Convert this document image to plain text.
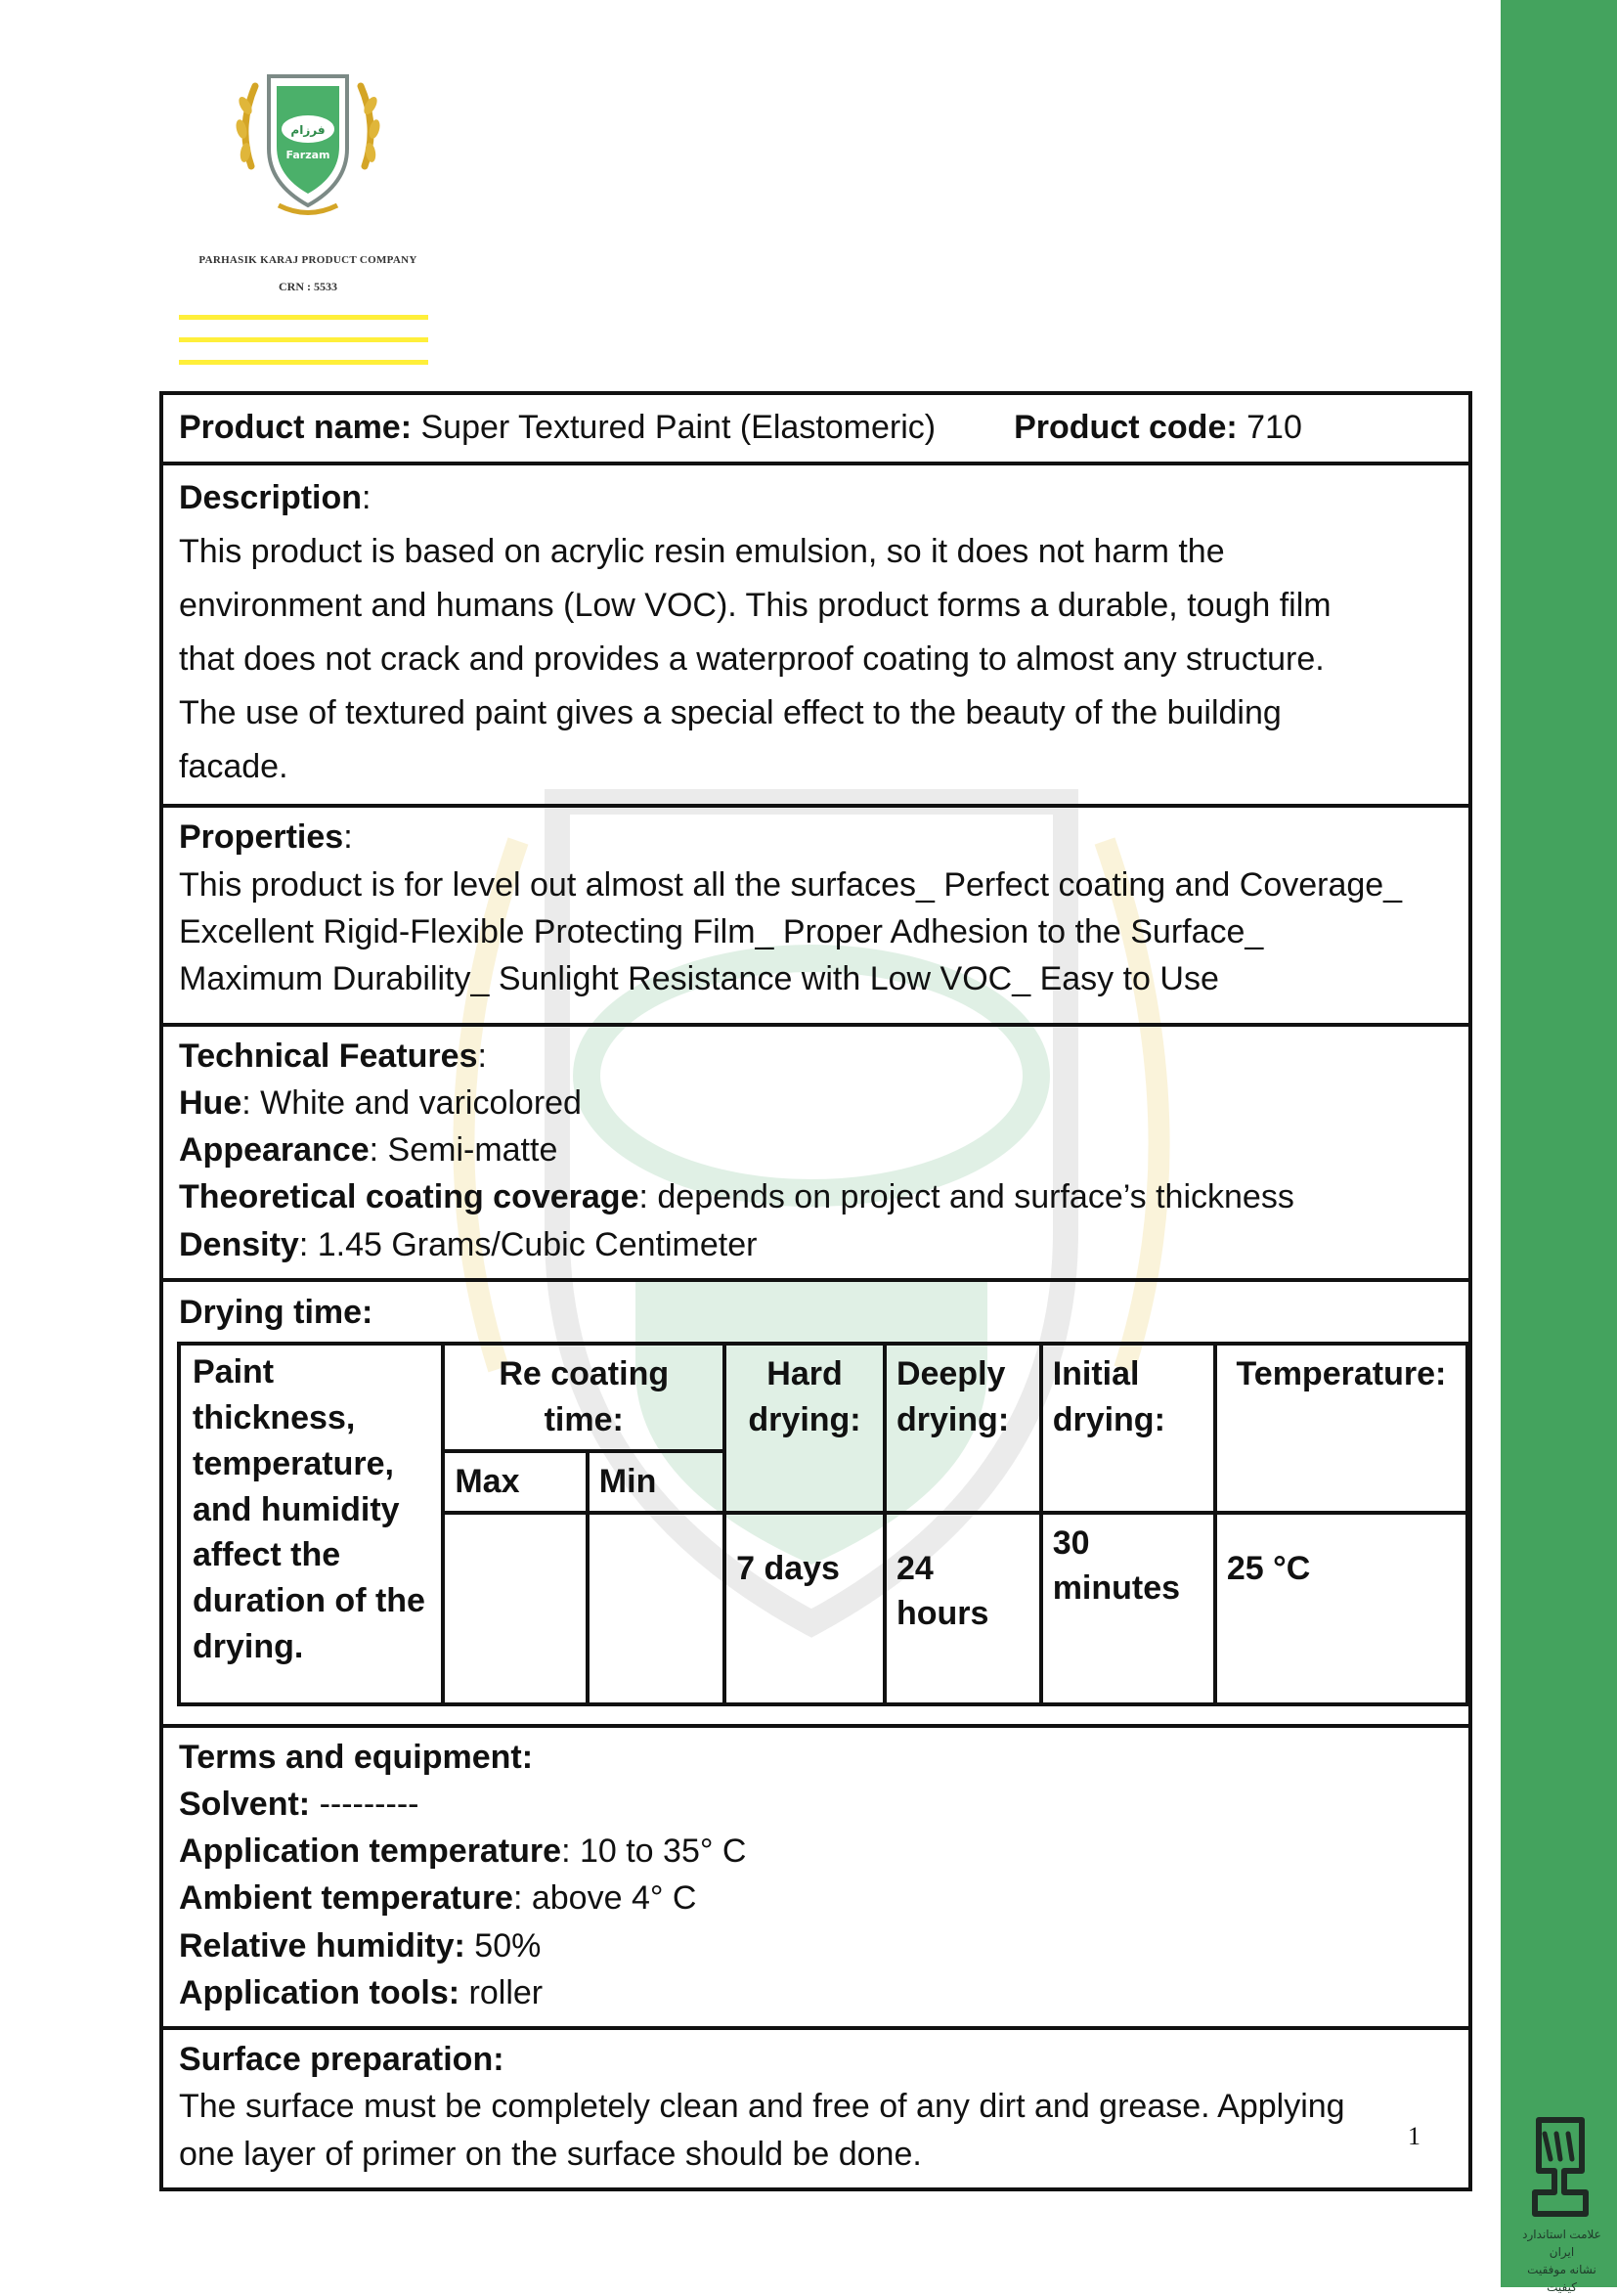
فرزام
Farzam
PARHASIK KARAJ PRODUCT COMPANY
CRN : 5533
Product name: Super Textured Paint (Elastomeric) Product code: 710
Description:
This product is based on acrylic resin emulsion, so it does not harm the
environment and humans (Low VOC). This product forms a durable, tough film
that does not crack and provides a waterproof coating to almost any structure.
The use of textured paint gives a special effect to the beauty of the building
facade.
Properties:
This product is for level out almost all the surfaces_ Perfect coating and Coverage_
Excellent Rigid-Flexible Protecting Film_ Proper Adhesion to the Surface_
Maximum Durability_ Sunlight Resistance with Low VOC_ Easy to Use
Technical Features:
Hue: White and varicolored
Appearance: Semi-matte
Theoretical coating coverage: depends on project and surface’s thickness
Density: 1.45 Grams/Cubic Centimeter
Drying time:
Paint thickness, temperature, and humidity affect the duration of the drying.	Re coating time:		Hard drying:	Deeply drying:	Initial drying:	Temperature:
	Max	Min				
			7 days	24 hours	30 minutes	25 °C
Terms and equipment:
Solvent: ---------
Application temperature: 10 to 35° C
Ambient temperature: above 4° C
Relative humidity: 50%
Application tools: roller
Surface preparation:
The surface must be completely clean and free of any dirt and grease. Applying
one layer of primer on the surface should be done.	1
علامت استاندارد ایران
نشانه موفقیت کیفیت
